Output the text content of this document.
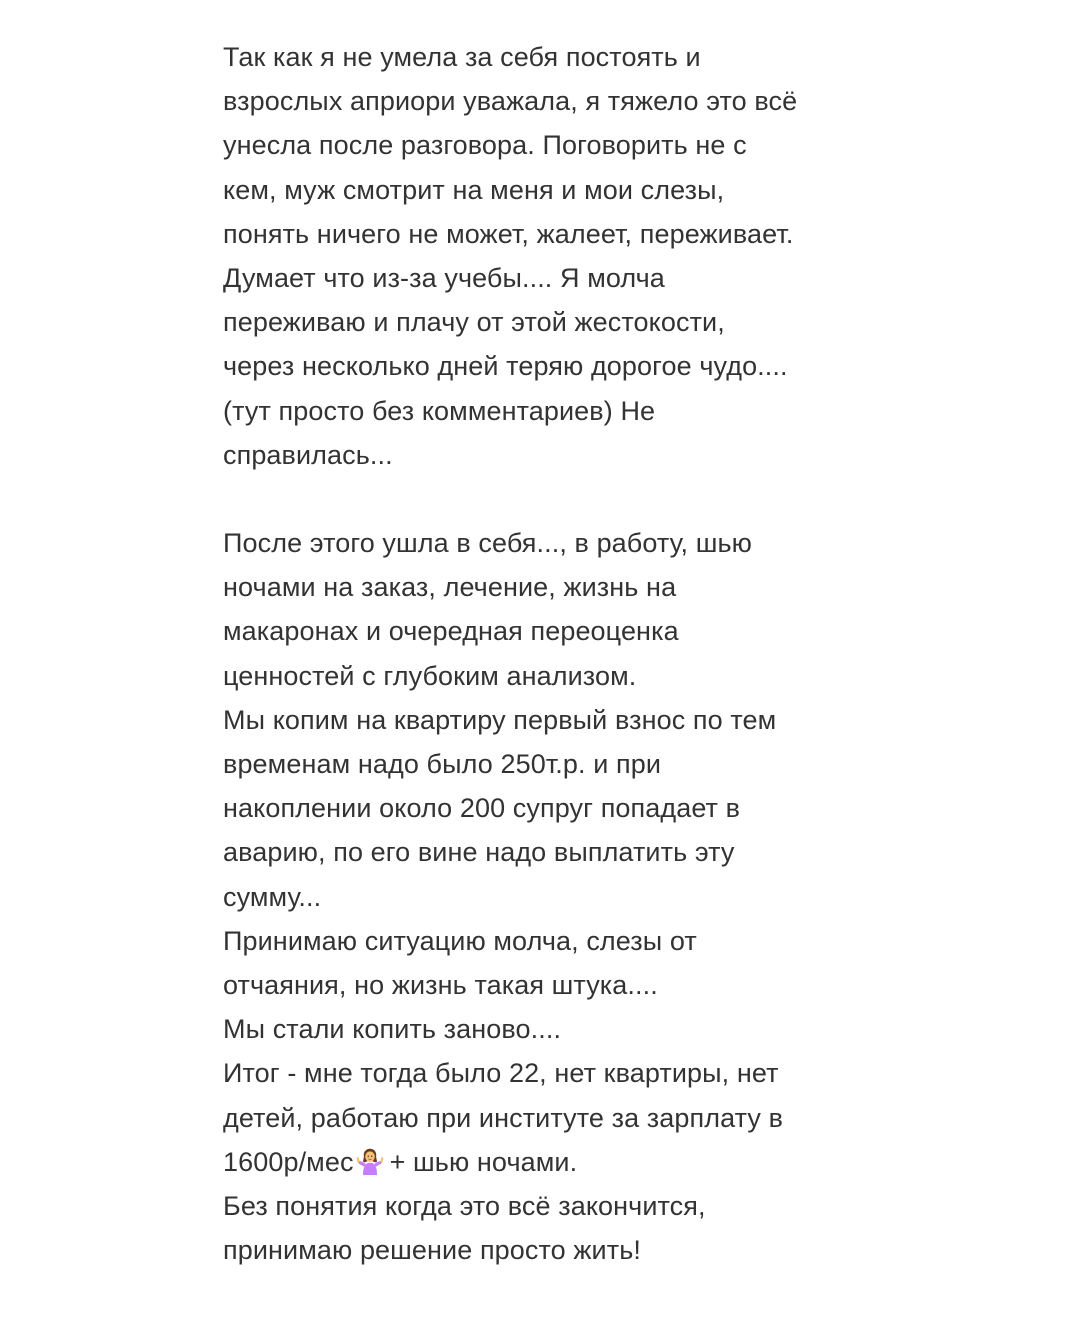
Так как я не умела за себя постоять и
взрослых априори уважала, я тяжело это всё
унесла после разговора. Поговорить не с
кем, муж смотрит на меня и мои слезы,
понять ничего не может, жалеет, переживает.
Думает что из-за учебы.... Я молча
переживаю и плачу от этой жестокости,
через несколько дней теряю дорогое чудо....
(тут просто без комментариев) Не
справилась...
После этого ушла в себя..., в работу, шью
ночами на заказ, лечение, жизнь на
макаронах и очередная переоценка
ценностей с глубоким анализом.
Мы копим на квартиру первый взнос по тем
временам надо было 250т.р. и при
накоплении около 200 супруг попадает в
аварию, по его вине надо выплатить эту
сумму...
Принимаю ситуацию молча, слезы от
отчаяния, но жизнь такая штука....
Мы стали копить заново....
Итог - мне тогда было 22, нет квартиры, нет
детей, работаю при институте за зарплату в
1600р/мес + шью ночами.
Без понятия когда это всё закончится,
принимаю решение просто жить!
